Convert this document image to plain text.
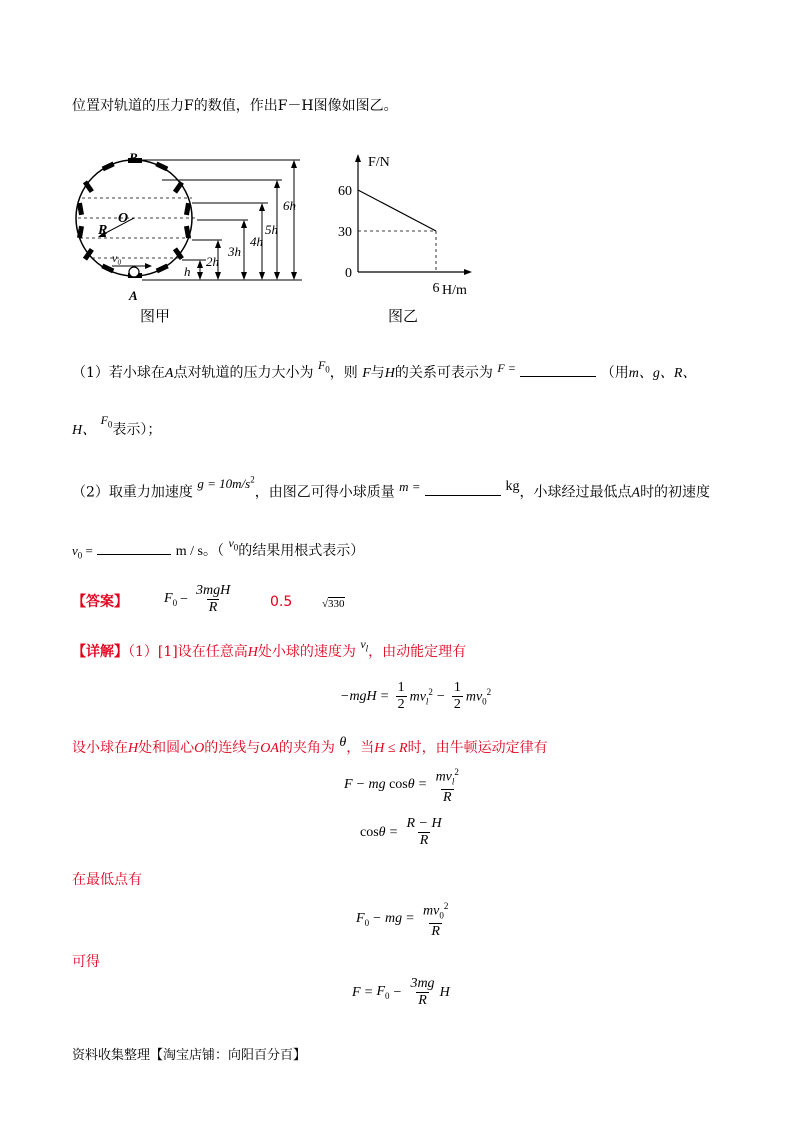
位置对轨道的压力F的数值，作出F－H图像如图乙。
B
A
O
R
v₀
h
2h
3h
4h
5h
6h
图甲
F/N
H/m
0
30
60
6
图乙
（1）若小球在A点对轨道的压力大小为 $F_0$，则 F与H的关系可表示为 F =	（用m、g、R、
H、 $F_0$表示）；
（2）取重力加速度 $g = 10m/s^2$，由图乙可得小球质量 m =	kg，小球经过最低点A时的初速度
$v_0$ =	m / s。（ $v_0$的结果用根式表示）
【答案】	$F_0 - \frac{\text{3mgH}}{R}$	0.5	√330
【详解】（1）[1]设在任意高H处小球的速度为 $v_l$，由动能定理有
$-mgH = \frac{1}{2} mv_l^2 - \frac{1}{2} mv_0^2$
设小球在H处和圆心O的连线与OA的夹角为 θ，当H ≤ R时，由牛顿运动定律有
F − mg
$\cos \theta = \frac{mv_l^2}{R}$
$\cos \theta = \frac{R - H}{R}$
在最低点有
$F_0$ − mg = $\frac{mv_0^2}{R}$
可得
$F = F_0 - \frac{3mg}{R}$ H
资料收集整理【淘宝店铺：向阳百分百】
